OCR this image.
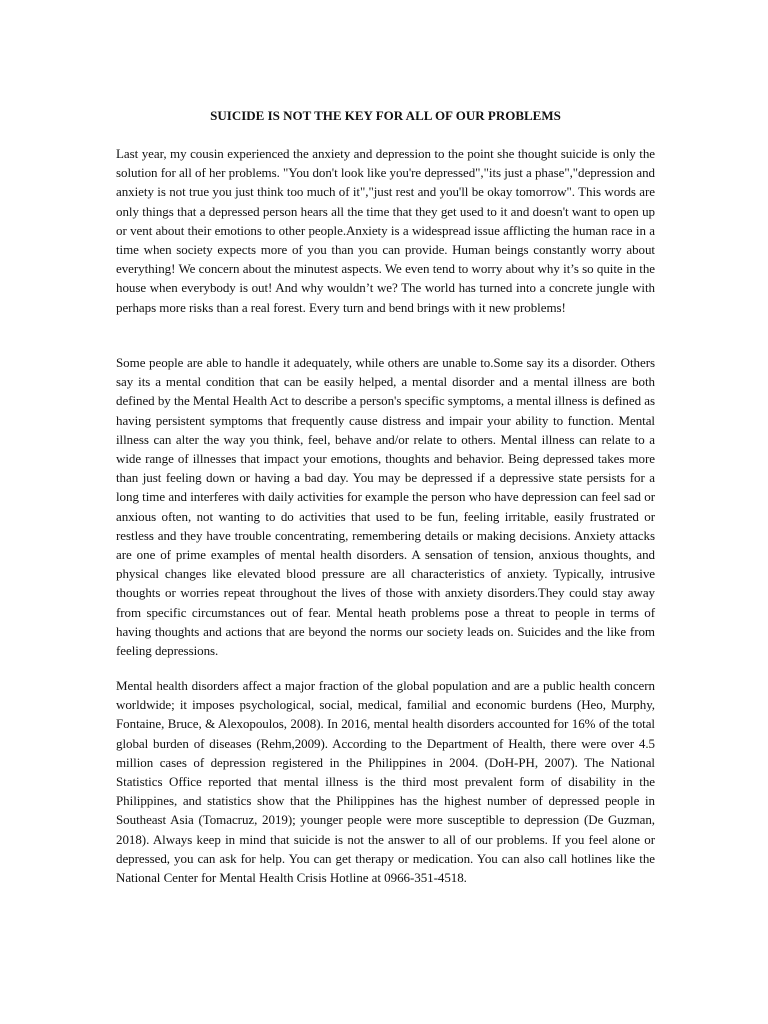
SUICIDE IS NOT THE KEY FOR ALL OF OUR PROBLEMS

Last year, my cousin experienced the anxiety and depression to the point she thought suicide is only the solution for all of her problems. "You don't look like you're depressed","its just a phase","depression and anxiety is not true you just think too much of it","just rest and you'll be okay tomorrow". This words are only things that a depressed person hears all the time that they get used to it and doesn't want to open up or vent about their emotions to other people.Anxiety is a widespread issue afflicting the human race in a time when society expects more of you than you can provide. Human beings constantly worry about everything! We concern about the minutest aspects. We even tend to worry about why it’s so quite in the house when everybody is out! And why wouldn’t we? The world has turned into a concrete jungle with perhaps more risks than a real forest. Every turn and bend brings with it new problems!

Some people are able to handle it adequately, while others are unable to.Some say its a disorder. Others say its a mental condition that can be easily helped, a mental disorder and a mental illness are both defined by the Mental Health Act to describe a person's specific symptoms, a mental illness is defined as having persistent symptoms that frequently cause distress and impair your ability to function. Mental illness can alter the way you think, feel, behave and/or relate to others. Mental illness can relate to a wide range of illnesses that impact your emotions, thoughts and behavior. Being depressed takes more than just feeling down or having a bad day. You may be depressed if a depressive state persists for a long time and interferes with daily activities for example the person who have depression can feel sad or anxious often, not wanting to do activities that used to be fun, feeling irritable, easily frustrated or restless and they have trouble concentrating, remembering details or making decisions. Anxiety attacks are one of prime examples of mental health disorders. A sensation of tension, anxious thoughts, and physical changes like elevated blood pressure are all characteristics of anxiety. Typically, intrusive thoughts or worries repeat throughout the lives of those with anxiety disorders.They could stay away from specific circumstances out of fear. Mental heath problems pose a threat to people in terms of having thoughts and actions that are beyond the norms our society leads on. Suicides and the like from feeling depressions.

Mental health disorders affect a major fraction of the global population and are a public health concern worldwide; it imposes psychological, social, medical, familial and economic burdens (Heo, Murphy, Fontaine, Bruce, & Alexopoulos, 2008). In 2016, mental health disorders accounted for 16% of the total global burden of diseases (Rehm,2009). According to the Department of Health, there were over 4.5 million cases of depression registered in the Philippines in 2004. (DoH-PH, 2007). The National Statistics Office reported that mental illness is the third most prevalent form of disability in the Philippines, and statistics show that the Philippines has the highest number of depressed people in Southeast Asia (Tomacruz, 2019); younger people were more susceptible to depression (De Guzman, 2018). Always keep in mind that suicide is not the answer to all of our problems. If you feel alone or depressed, you can ask for help. You can get therapy or medication. You can also call hotlines like the National Center for Mental Health Crisis Hotline at 0966-351-4518.
